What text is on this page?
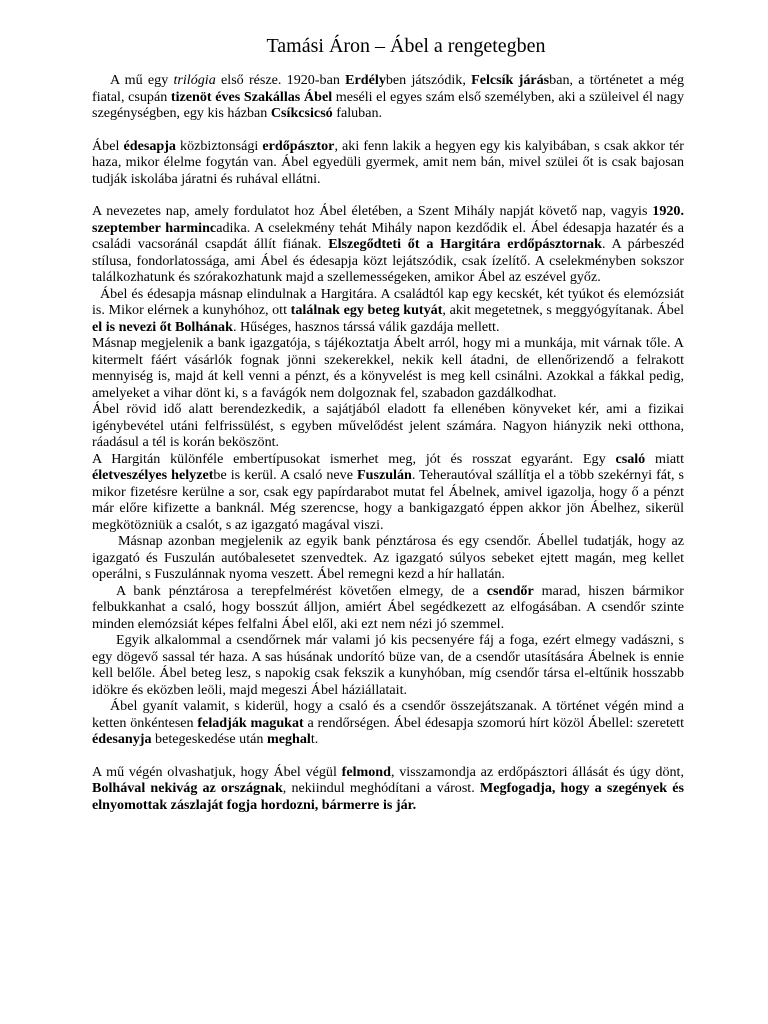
Tamási Áron – Ábel a rengetegben

A mű egy trilógia első része. 1920-ban Erdélyben játszódik, Felcsík járásban, a történetet a még fiatal, csupán tizenöt éves Szakállas Ábel meséli el egyes szám első személyben, aki a szüleivel él nagy szegénységben, egy kis házban Csíkcsicsó faluban.

Ábel édesapja közbiztonsági erdőpásztor, aki fenn lakik a hegyen egy kis kalyibában, s csak akkor tér haza, mikor élelme fogytán van. Ábel egyedüli gyermek, amit nem bán, mivel szülei őt is csak bajosan tudják iskolába járatni és ruhával ellátni.

A nevezetes nap, amely fordulatot hoz Ábel életében, a Szent Mihály napját követő nap, vagyis 1920. szeptember harmincadika. A cselekmény tehát Mihály napon kezdődik el. Ábel édesapja hazatér és a családi vacsoránál csapdát állít fiának. Elszegődteti őt a Hargitára erdőpásztornak. A párbeszéd stílusa, fondorlatossága, ami Ábel és édesapja közt lejátszódik, csak ízelítő. A cselekményben sokszor találkozhatunk és szórakozhatunk majd a szellemességeken, amikor Ábel az eszével győz.

Ábel és édesapja másnap elindulnak a Hargitára. A családtól kap egy kecskét, két tyúkot és elemózsiát is. Mikor elérnek a kunyhóhoz, ott találnak egy beteg kutyát, akit megetetnek, s meggyógyítanak. Ábel el is nevezi őt Bolhának. Hűséges, hasznos társsá válik gazdája mellett.

Másnap megjelenik a bank igazgatója, s tájékoztatja Ábelt arról, hogy mi a munkája, mit várnak tőle. A kitermelt fáért vásárlók fognak jönni szekerekkel, nekik kell átadni, de ellenőrizendő a felrakott mennyiség is, majd át kell venni a pénzt, és a könyvelést is meg kell csinálni. Azokkal a fákkal pedig, amelyeket a vihar dönt ki, s a favágók nem dolgoznak fel, szabadon gazdálkodhat.

Ábel rövid idő alatt berendezkedik, a sajátjából eladott fa ellenében könyveket kér, ami a fizikai igénybevétel utáni felfrissülést, s egyben művelődést jelent számára. Nagyon hiányzik neki otthona, ráadásul a tél is korán beköszönt.

A Hargitán különféle embertípusokat ismerhet meg, jót és rosszat egyaránt. Egy csaló miatt életveszélyes helyzetbe is kerül. A csaló neve Fuszulán. Teherautóval szállítja el a több szekérnyi fát, s mikor fizetésre kerülne a sor, csak egy papírdarabot mutat fel Ábelnek, amivel igazolja, hogy ő a pénzt már előre kifizette a banknál. Még szerencse, hogy a bankigazgató éppen akkor jön Ábelhez, sikerül megkötözniük a csalót, s az igazgató magával viszi.

Másnap azonban megjelenik az egyik bank pénztárosa és egy csendőr. Ábellel tudatják, hogy az igazgató és Fuszulán autóbalesetet szenvedtek. Az igazgató súlyos sebeket ejtett magán, meg kellet operálni, s Fuszulánnak nyoma veszett. Ábel remegni kezd a hír hallatán.

A bank pénztárosa a terepfelmérést követően elmegy, de a csendőr marad, hiszen bármikor felbukkanhat a csaló, hogy bosszút álljon, amiért Ábel segédkezett az elfogásában. A csendőr szinte minden elemózsiát képes felfalni Ábel elől, aki ezt nem nézi jó szemmel.

Egyik alkalommal a csendőrnek már valami jó kis pecsenyére fáj a foga, ezért elmegy vadászni, s egy dögevő sassal tér haza. A sas húsának undorító büze van, de a csendőr utasítására Ábelnek is ennie kell belőle. Ábel beteg lesz, s napokig csak fekszik a kunyhóban, míg csendőr társa el-eltűnik hosszabb idökre és eközben leöli, majd megeszi Ábel háziállatait.

Ábel gyanít valamit, s kiderül, hogy a csaló és a csendőr összejátszanak. A történet végén mind a ketten önkéntesen feladják magukat a rendőrségen. Ábel édesapja szomorú hírt közöl Ábellel: szeretett édesanyja betegeskedése után meghalt.

A mű végén olvashatjuk, hogy Ábel végül felmond, visszamondja az erdőpásztori állását és úgy dönt, Bolhával nekivág az országnak, nekiindul meghódítani a várost. Megfogadja, hogy a szegények és elnyomottak zászlaját fogja hordozni, bármerre is jár.
